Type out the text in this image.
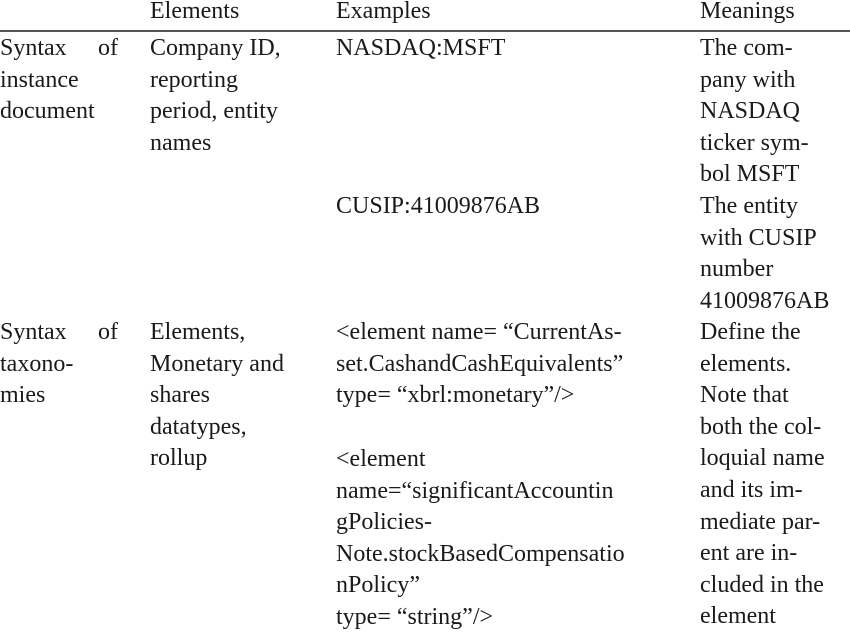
Elements	Examples	Meanings
Syntax of
instance
document
Company ID,
reporting
period, entity
names
NASDAQ:MSFT
CUSIP:41009876AB
The com-
pany with
NASDAQ
ticker sym-
bol MSFT
The entity
with CUSIP
number
41009876AB
Syntax of
taxono-
mies
Elements,
Monetary and
shares
datatypes,
rollup
<element name= “CurrentAs-
set.CashandCashEquivalents”
type= “xbrl:monetary”/>
<element
name=“significantAccountin
gPolicies-
Note.stockBasedCompensatio
nPolicy”
type= “string”/>
Define the
elements.
Note that
both the col-
loquial name
and its im-
mediate par-
ent are in-
cluded in the
element
